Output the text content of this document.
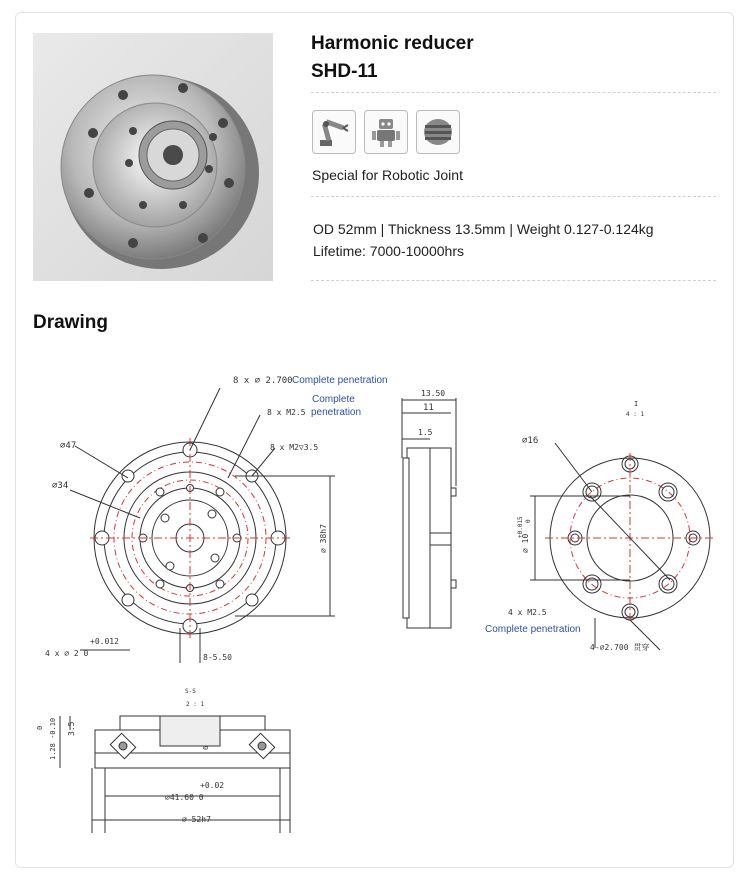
Harmonic reducer
SHD-11
Special for Robotic Joint
OD 52mm | Thickness 13.5mm | Weight 0.127-0.124kg
Lifetime: 7000-10000hrs
Drawing
8 x ⌀ 2.700 Complete penetration
Complete
penetration
8 x M2.5
8 x M2▽3.5
⌀47
⌀34
⌀ 38h7
+0.012
4 x ⌀ 2 0	8-5.50
13.50
11
1.5
I
4 : 1
⌀16
⌀ 10
+0.015 0
4 x M2.5
Complete penetration
4-⌀2.700 贯穿
S-S
2 : 1
3.5
1.28 -0.10
0
6
+0.02
⌀41.60 0
⌀ 52h7
